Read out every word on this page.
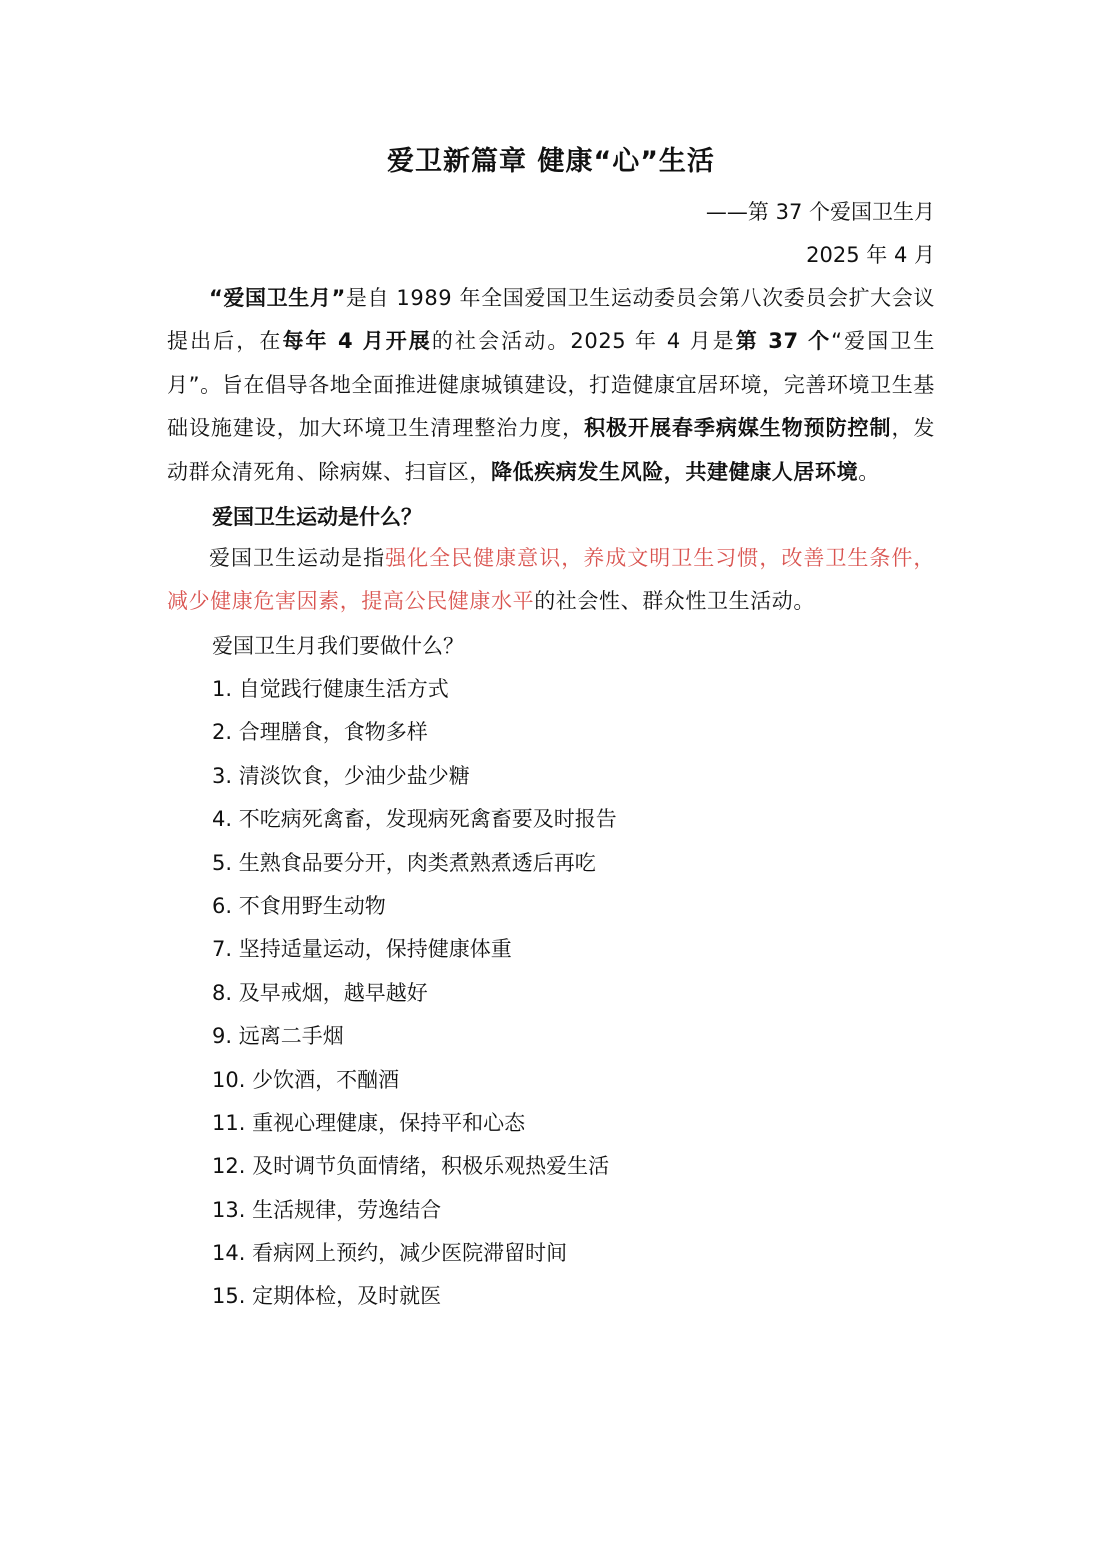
爱卫新篇章 健康“心”生活
——第 37 个爱国卫生月
2025 年 4 月

“爱国卫生月”是自 1989 年全国爱国卫生运动委员会第八次委员会扩大会议提出后，在每年 4 月开展的社会活动。2025 年 4 月是第 37 个“爱国卫生月”。旨在倡导各地全面推进健康城镇建设，打造健康宜居环境，完善环境卫生基础设施建设，加大环境卫生清理整治力度，积极开展春季病媒生物预防控制，发动群众清死角、除病媒、扫盲区，降低疾病发生风险，共建健康人居环境。

爱国卫生运动是什么？

爱国卫生运动是指强化全民健康意识，养成文明卫生习惯，改善卫生条件，减少健康危害因素，提高公民健康水平的社会性、群众性卫生活动。

爱国卫生月我们要做什么？
1. 自觉践行健康生活方式
2. 合理膳食，食物多样
3. 清淡饮食，少油少盐少糖
4. 不吃病死禽畜，发现病死禽畜要及时报告
5. 生熟食品要分开，肉类煮熟煮透后再吃
6. 不食用野生动物
7. 坚持适量运动，保持健康体重
8. 及早戒烟，越早越好
9. 远离二手烟
10. 少饮酒，不酗酒
11. 重视心理健康，保持平和心态
12. 及时调节负面情绪，积极乐观热爱生活
13. 生活规律，劳逸结合
14. 看病网上预约，减少医院滞留时间
15. 定期体检，及时就医
